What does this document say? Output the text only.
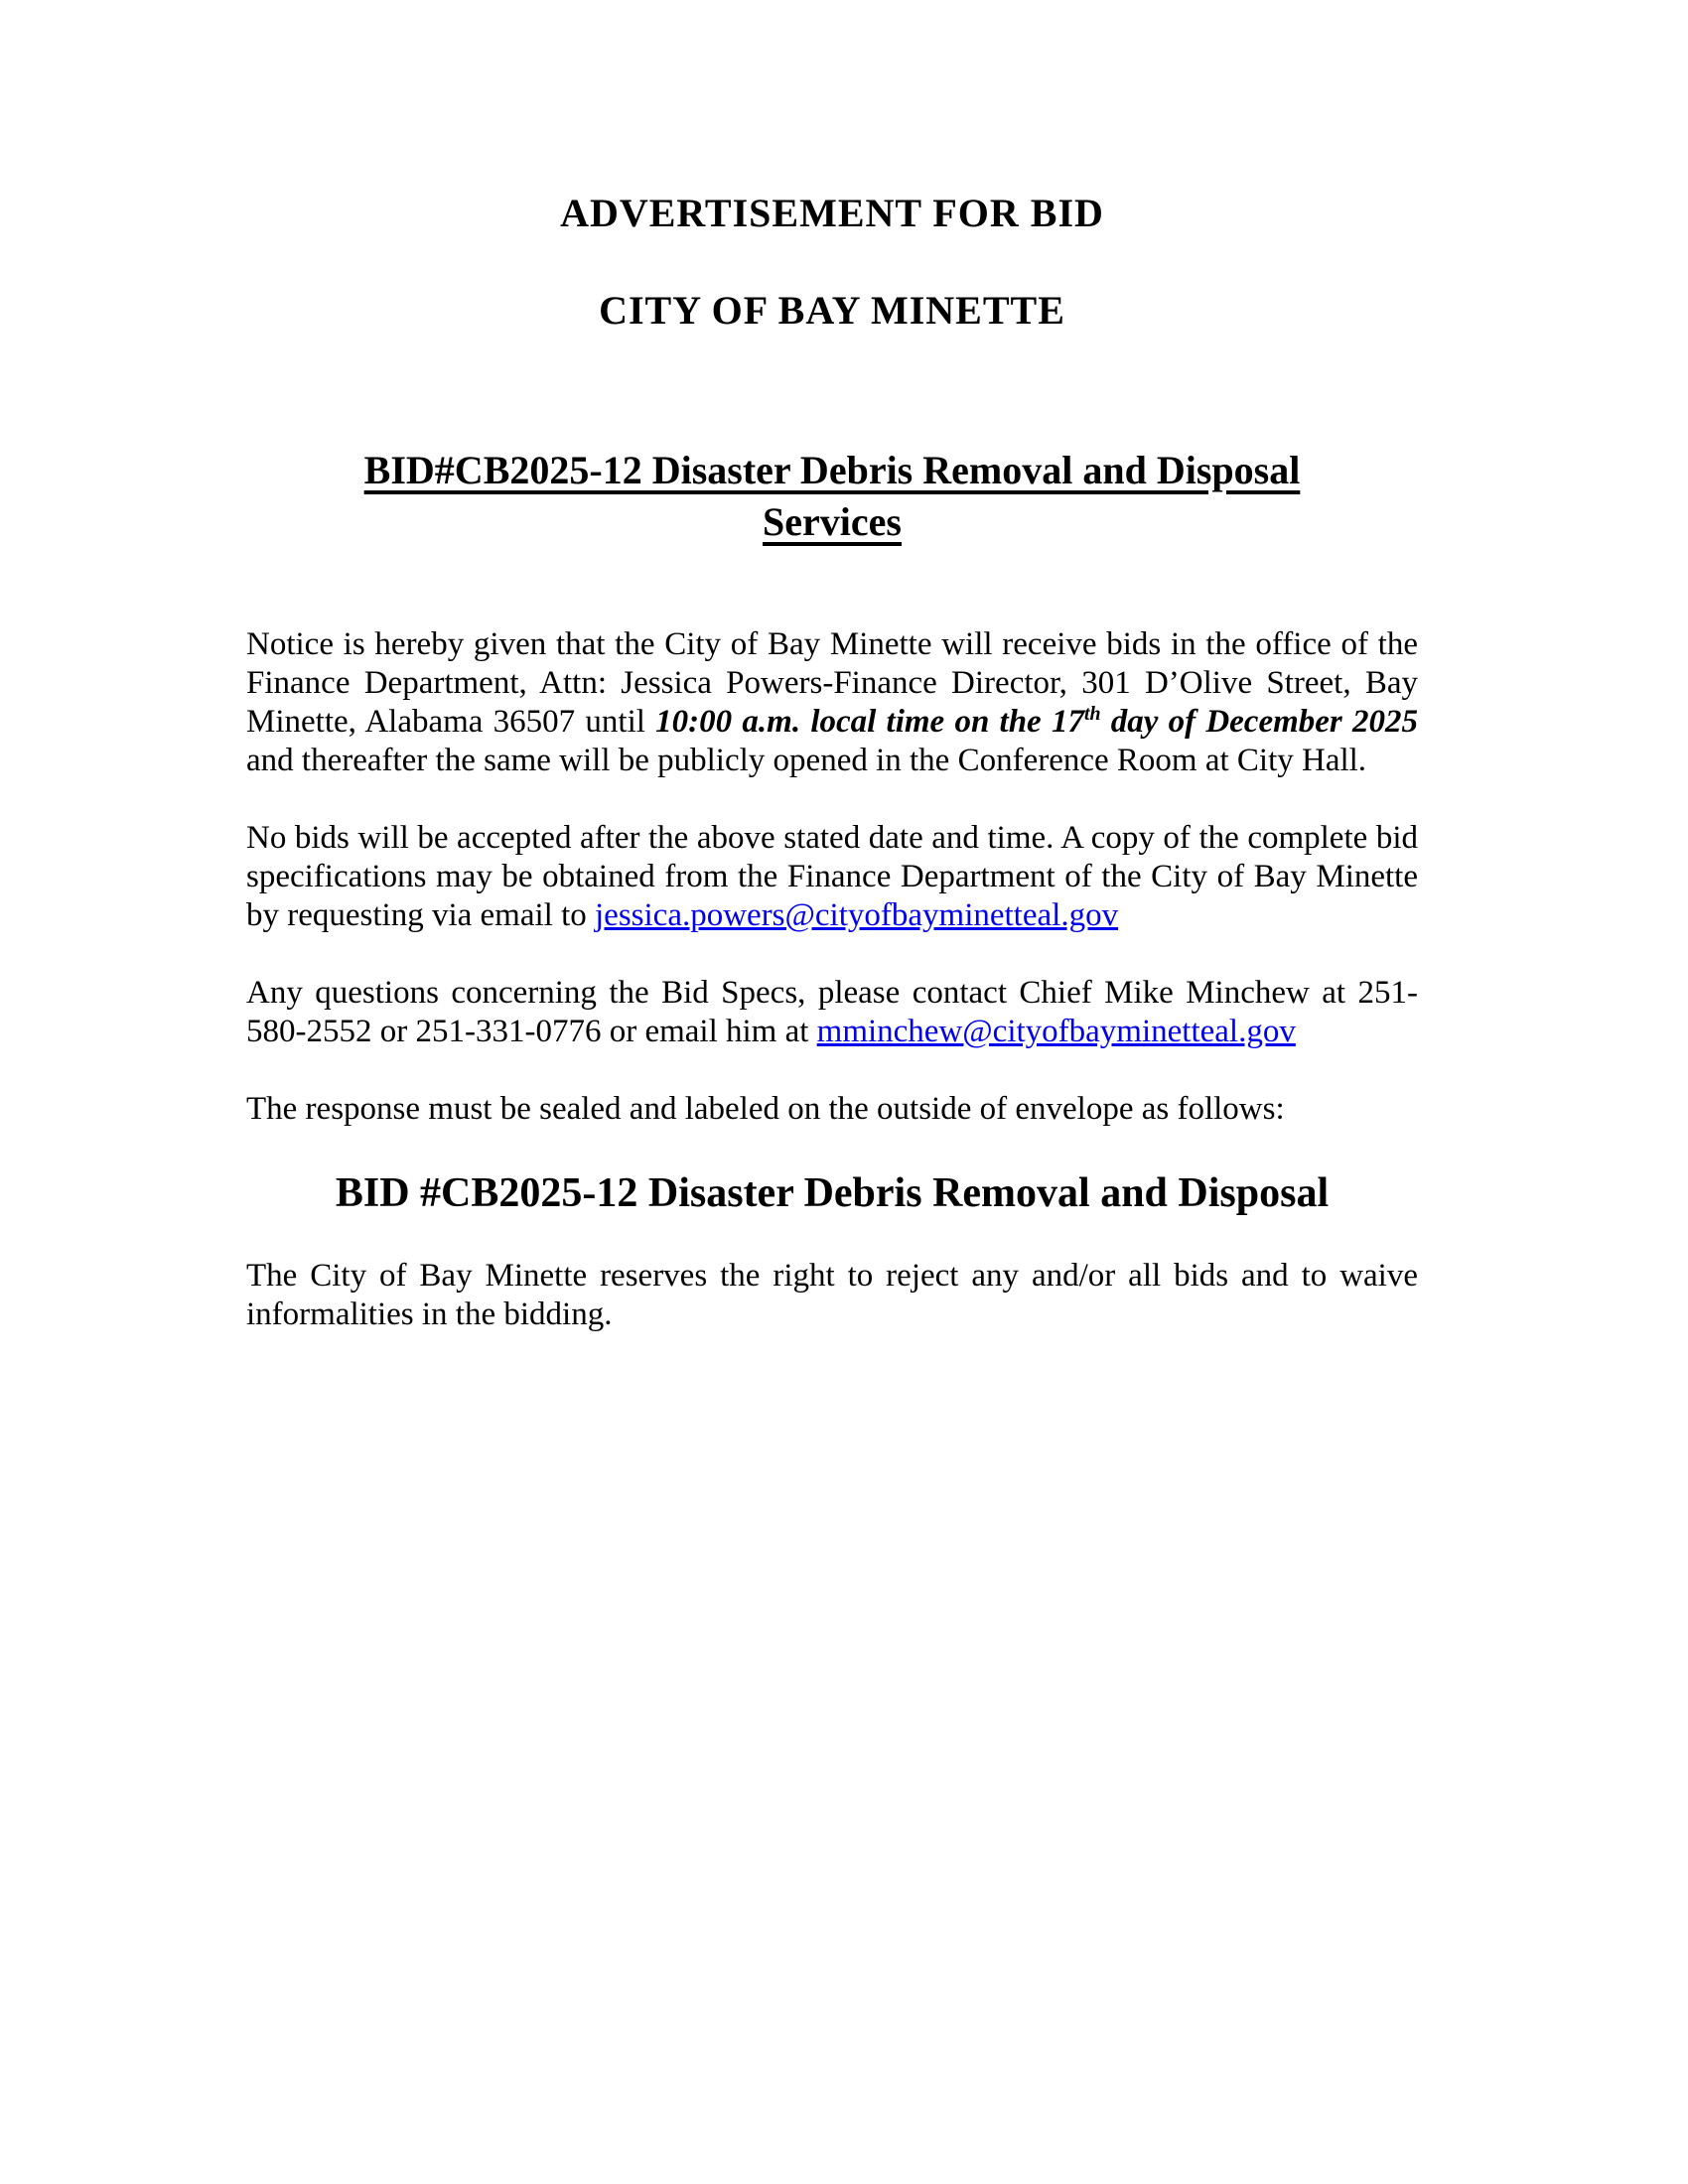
ADVERTISEMENT FOR BID
CITY OF BAY MINETTE
BID#CB2025-12 Disaster Debris Removal and Disposal
Services

Notice is hereby given that the City of Bay Minette will receive bids in the office of the Finance Department, Attn: Jessica Powers-Finance Director, 301 D’Olive Street, Bay Minette, Alabama 36507 until 10:00 a.m. local time on the 17th day of December 2025 and thereafter the same will be publicly opened in the Conference Room at City Hall.

No bids will be accepted after the above stated date and time. A copy of the complete bid specifications may be obtained from the Finance Department of the City of Bay Minette by requesting via email to jessica.powers@cityofbayminetteal.gov

Any questions concerning the Bid Specs, please contact Chief Mike Minchew at 251-580-2552 or 251-331-0776 or email him at mminchew@cityofbayminetteal.gov

The response must be sealed and labeled on the outside of envelope as follows:

BID #CB2025-12 Disaster Debris Removal and Disposal

The City of Bay Minette reserves the right to reject any and/or all bids and to waive informalities in the bidding.
